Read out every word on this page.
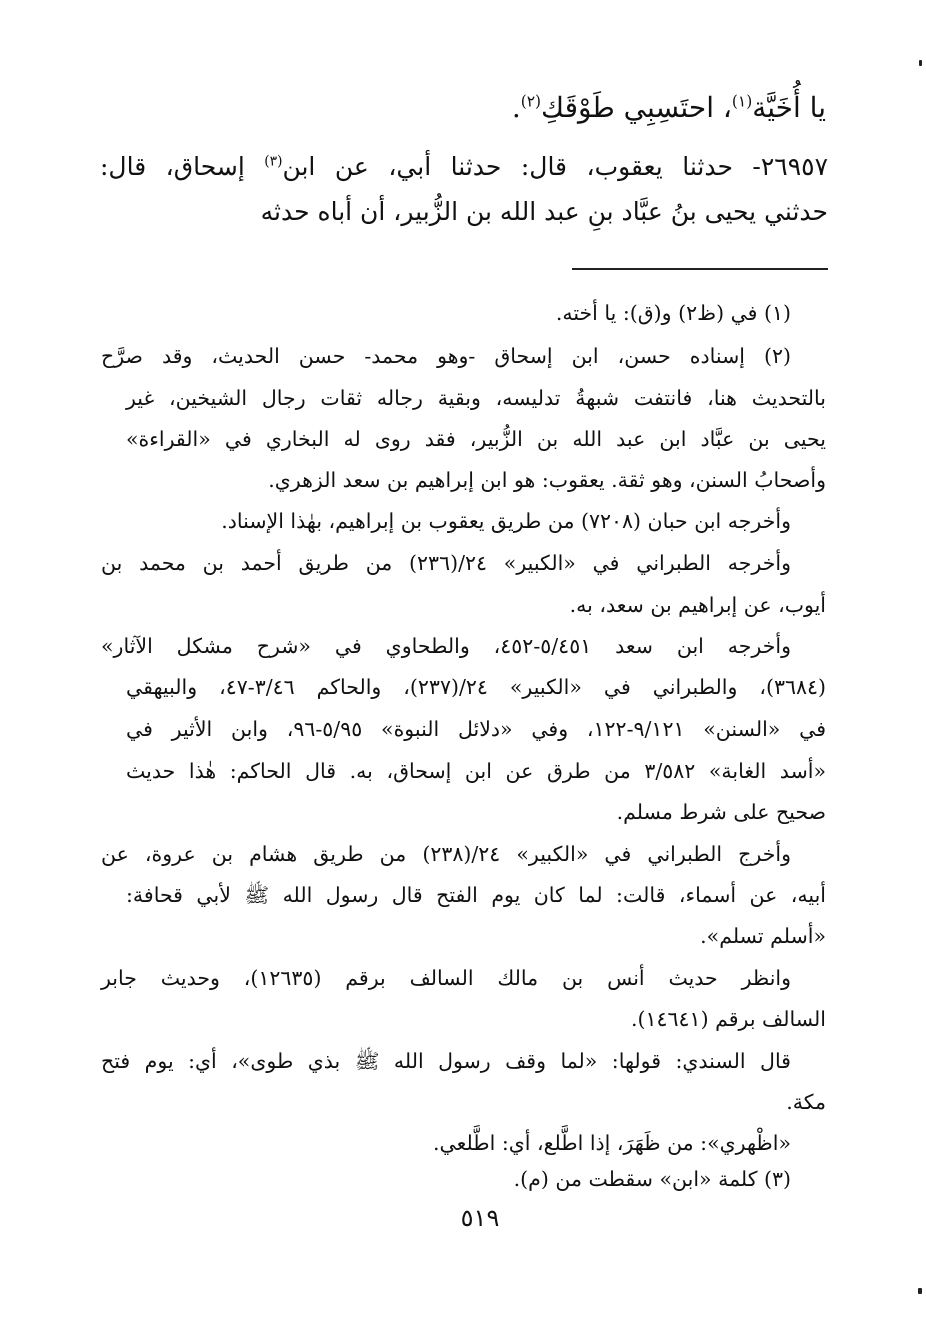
يا أُخَيَّة$^{(١)}$، احتَسِبِي طَوْقَكِ$^{(٢)}$.
٢٦٩٥٧- حدثنا يعقوب، قال: حدثنا أبي، عن ابن$^{(٣)}$ إسحاق، قال:
حدثني يحيى بنُ عبَّاد بنِ عبد الله بن الزُّبير، أن أباه حدثه
(١) في (ظ٢) و(ق): يا أخته.
(٢) إسناده حسن، ابن إسحاق -وهو محمد- حسن الحديث، وقد صرَّح
بالتحديث هنا، فانتفت شبهةُ تدليسه، وبقية رجاله ثقات رجال الشيخين، غير
يحيى بن عبَّاد ابن عبد الله بن الزُّبير، فقد روى له البخاري في «القراءة»
وأصحابُ السنن، وهو ثقة. يعقوب: هو ابن إبراهيم بن سعد الزهري.
وأخرجه ابن حبان (٧٢٠٨) من طريق يعقوب بن إبراهيم، بهٰذا الإسناد.
وأخرجه الطبراني في «الكبير» ٢٤/(٢٣٦) من طريق أحمد بن محمد بن
أيوب، عن إبراهيم بن سعد، به.
وأخرجه ابن سعد ٥/٤٥١-٤٥٢، والطحاوي في «شرح مشكل الآثار»
(٣٦٨٤)، والطبراني في «الكبير» ٢٤/(٢٣٧)، والحاكم ٣/٤٦-٤٧، والبيهقي
في «السنن» ٩/١٢١-١٢٢، وفي «دلائل النبوة» ٥/٩٥-٩٦، وابن الأثير في
«أسد الغابة» ٣/٥٨٢ من طرق عن ابن إسحاق، به. قال الحاكم: هٰذا حديث
صحيح على شرط مسلم.
وأخرج الطبراني في «الكبير» ٢٤/(٢٣٨) من طريق هشام بن عروة، عن
أبيه، عن أسماء، قالت: لما كان يوم الفتح قال رسول الله ﷺ لأبي قحافة:
«أسلم تسلم».
وانظر حديث أنس بن مالك السالف برقم (١٢٦٣٥)، وحديث جابر
السالف برقم (١٤٦٤١).
قال السندي: قولها: «لما وقف رسول الله ﷺ بذي طوى»، أي: يوم فتح
مكة.
«اظْهري»: من ظَهَرَ، إذا اطَّلع، أي: اطَّلعي.
(٣) كلمة «ابن» سقطت من (م).
٥١٩
